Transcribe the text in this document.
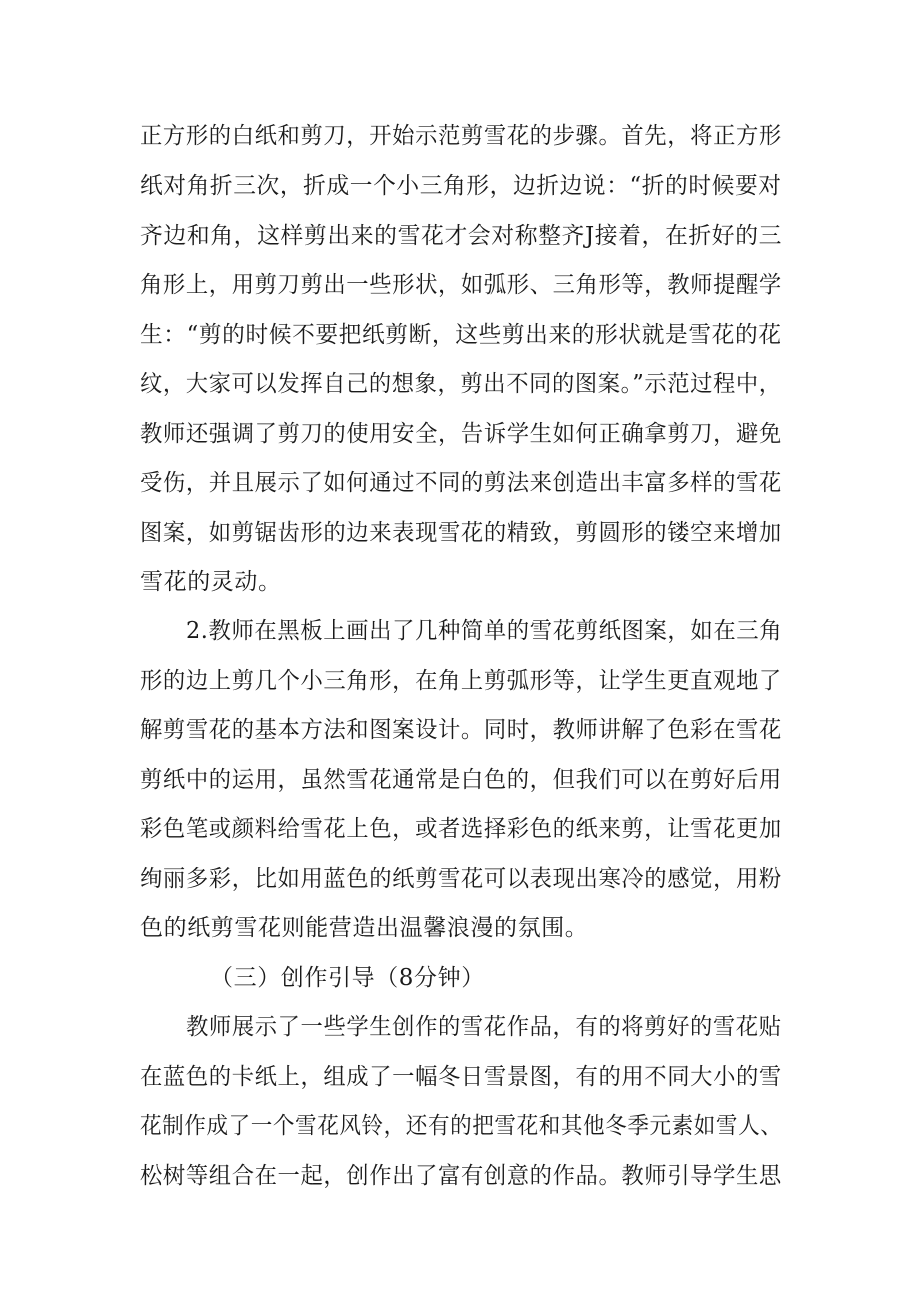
正方形的白纸和剪刀，开始示范剪雪花的步骤。首先，将正方形
纸对角折三次，折成一个小三角形，边折边说：“折的时候要对
齐边和角，这样剪出来的雪花才会对称整齐J接着，在折好的三
角形上，用剪刀剪出一些形状，如弧形、三角形等，教师提醒学
生：“剪的时候不要把纸剪断，这些剪出来的形状就是雪花的花
纹，大家可以发挥自己的想象，剪出不同的图案。”示范过程中，
教师还强调了剪刀的使用安全，告诉学生如何正确拿剪刀，避免
受伤，并且展示了如何通过不同的剪法来创造出丰富多样的雪花
图案，如剪锯齿形的边来表现雪花的精致，剪圆形的镂空来增加
雪花的灵动。
2.教师在黑板上画出了几种简单的雪花剪纸图案，如在三角
形的边上剪几个小三角形，在角上剪弧形等，让学生更直观地了
解剪雪花的基本方法和图案设计。同时，教师讲解了色彩在雪花
剪纸中的运用，虽然雪花通常是白色的，但我们可以在剪好后用
彩色笔或颜料给雪花上色，或者选择彩色的纸来剪，让雪花更加
绚丽多彩，比如用蓝色的纸剪雪花可以表现出寒冷的感觉，用粉
色的纸剪雪花则能营造出温馨浪漫的氛围。
（三）创作引导（8分钟）
教师展示了一些学生创作的雪花作品，有的将剪好的雪花贴
在蓝色的卡纸上，组成了一幅冬日雪景图，有的用不同大小的雪
花制作成了一个雪花风铃，还有的把雪花和其他冬季元素如雪人、
松树等组合在一起，创作出了富有创意的作品。教师引导学生思
